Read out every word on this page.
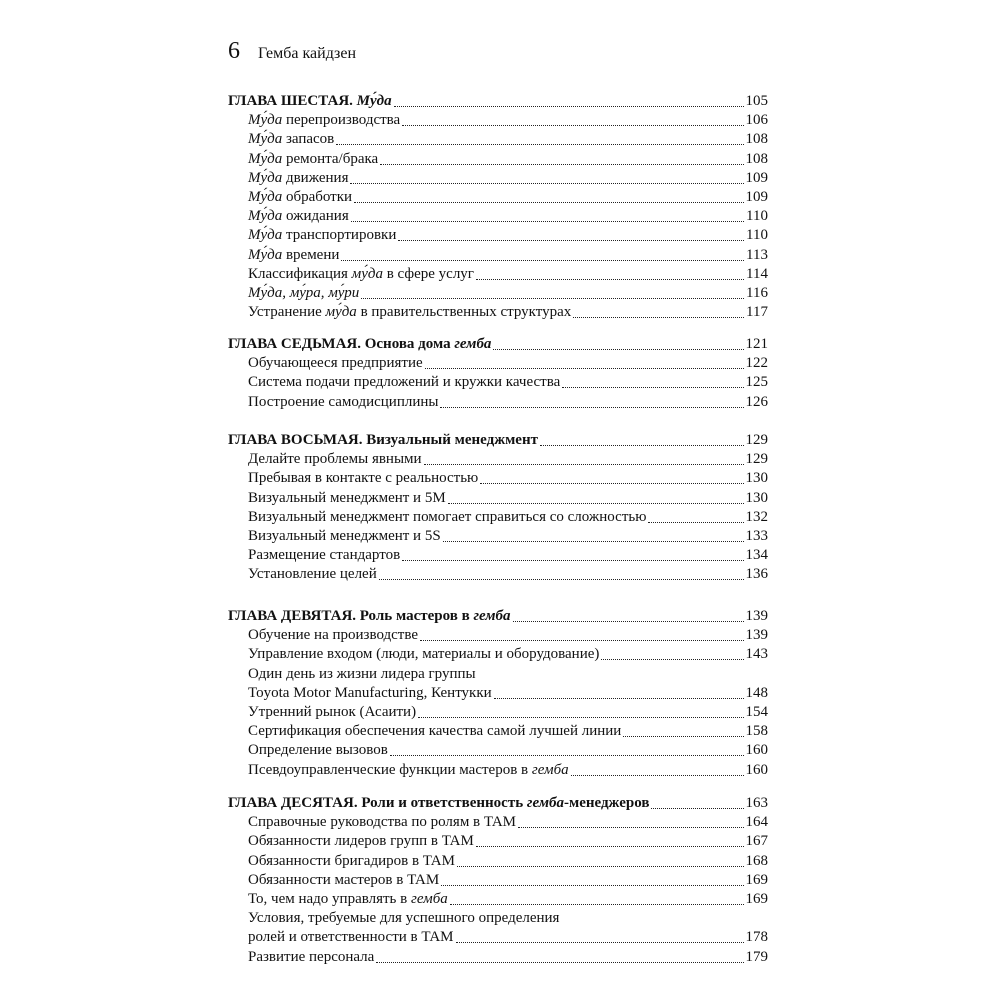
6 Гемба кайдзен
ГЛАВА ШЕСТАЯ. Му́да	105
Му́да перепроизводства	106
Му́да запасов	108
Му́да ремонта/брака	108
Му́да движения	109
Му́да обработки	109
Му́да ожидания	110
Му́да транспортировки	110
Му́да времени	113
Классификация му́да в сфере услуг	114
Му́да, му́ра, му́ри	116
Устранение му́да в правительственных структурах	117
ГЛАВА СЕДЬМАЯ. Основа дома гемба	121
Обучающееся предприятие	122
Система подачи предложений и кружки качества	125
Построение самодисциплины	126
ГЛАВА ВОСЬМАЯ. Визуальный менеджмент	129
Делайте проблемы явными	129
Пребывая в контакте с реальностью	130
Визуальный менеджмент и 5M	130
Визуальный менеджмент помогает справиться со сложностью	132
Визуальный менеджмент и 5S	133
Размещение стандартов	134
Установление целей	136
ГЛАВА ДЕВЯТАЯ. Роль мастеров в гемба	139
Обучение на производстве	139
Управление входом (люди, материалы и оборудование)	143
Один день из жизни лидера группы
Toyota Motor Manufacturing, Кентукки	148
Утренний рынок (Асаити)	154
Сертификация обеспечения качества самой лучшей линии	158
Определение вызовов	160
Псевдоуправленческие функции мастеров в гемба	160
ГЛАВА ДЕСЯТАЯ. Роли и ответственность гемба-менеджеров	163
Справочные руководства по ролям в TAM	164
Обязанности лидеров групп в TAM	167
Обязанности бригадиров в TAM	168
Обязанности мастеров в TAM	169
То, чем надо управлять в гемба	169
Условия, требуемые для успешного определения
ролей и ответственности в TAM	178
Развитие персонала	179
